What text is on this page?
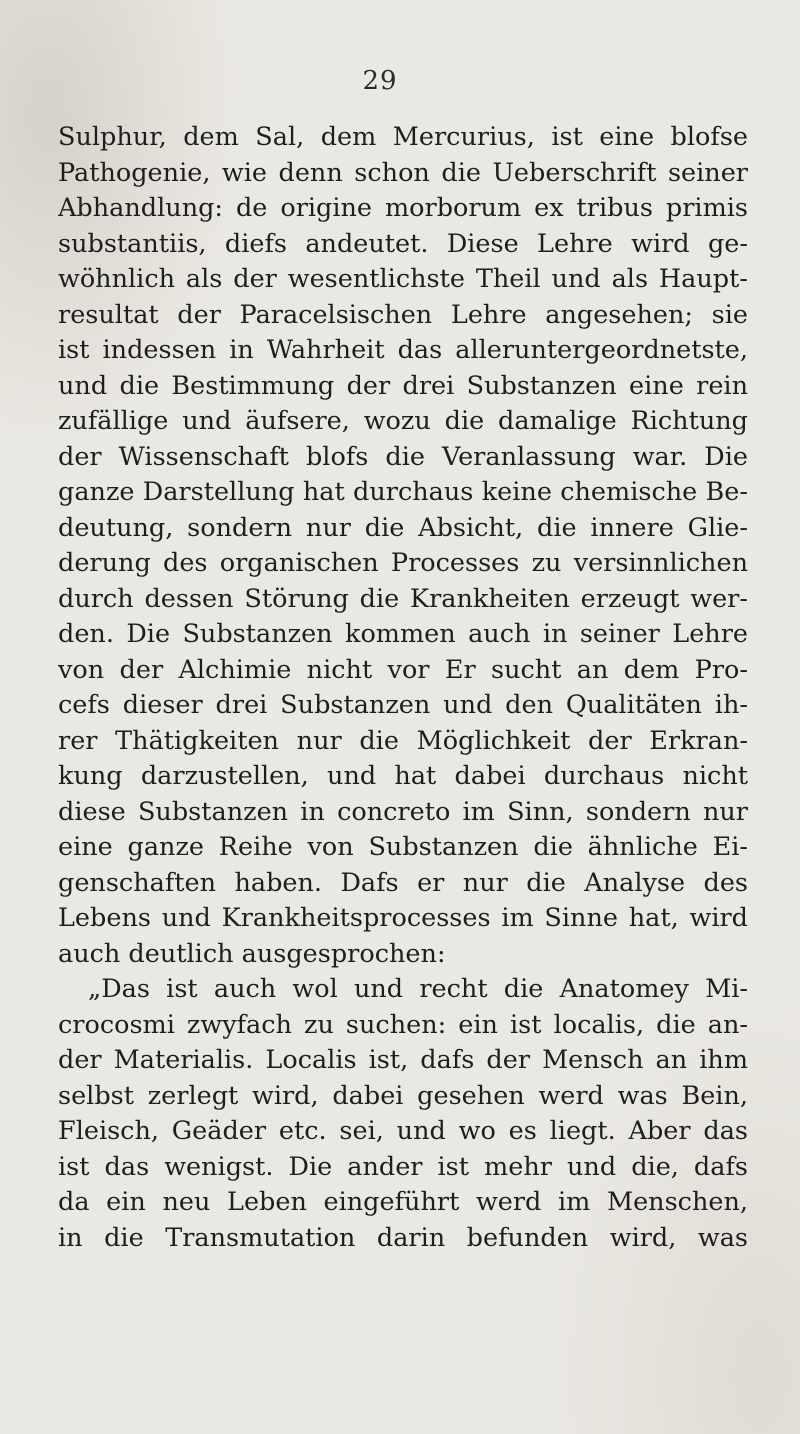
29
Sulphur, dem Sal, dem Mercurius, ist eine blofse
Pathogenie, wie denn schon die Ueberschrift seiner
Abhandlung: de origine morborum ex tribus primis
substantiis, diefs andeutet. Diese Lehre wird ge-
wöhnlich als der wesentlichste Theil und als Haupt-
resultat der Paracelsischen Lehre angesehen; sie
ist indessen in Wahrheit das alleruntergeordnetste,
und die Bestimmung der drei Substanzen eine rein
zufällige und äufsere, wozu die damalige Richtung
der Wissenschaft blofs die Veranlassung war. Die
ganze Darstellung hat durchaus keine chemische Be-
deutung, sondern nur die Absicht, die innere Glie-
derung des organischen Processes zu versinnlichen
durch dessen Störung die Krankheiten erzeugt wer-
den. Die Substanzen kommen auch in seiner Lehre
von der Alchimie nicht vor Er sucht an dem Pro-
cefs dieser drei Substanzen und den Qualitäten ih-
rer Thätigkeiten nur die Möglichkeit der Erkran-
kung darzustellen, und hat dabei durchaus nicht
diese Substanzen in concreto im Sinn, sondern nur
eine ganze Reihe von Substanzen die ähnliche Ei-
genschaften haben. Dafs er nur die Analyse des
Lebens und Krankheitsprocesses im Sinne hat, wird
auch deutlich ausgesprochen:
„Das ist auch wol und recht die Anatomey Mi-
crocosmi zwyfach zu suchen: ein ist localis, die an-
der Materialis. Localis ist, dafs der Mensch an ihm
selbst zerlegt wird, dabei gesehen werd was Bein,
Fleisch, Geäder etc. sei, und wo es liegt. Aber das
ist das wenigst. Die ander ist mehr und die, dafs
da ein neu Leben eingeführt werd im Menschen,
in die Transmutation darin befunden wird, was
